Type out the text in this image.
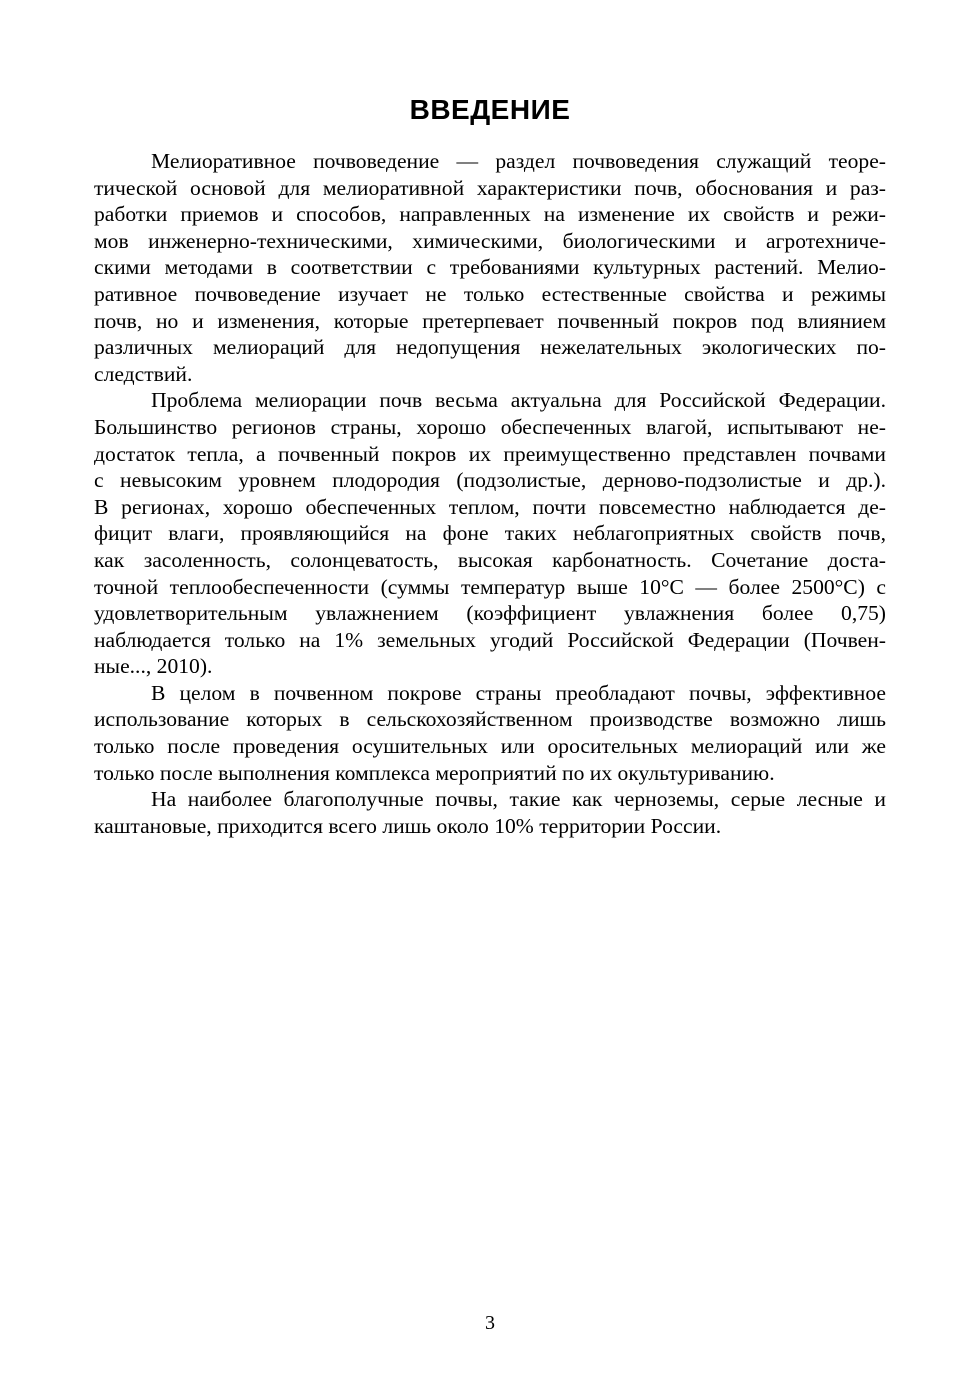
ВВЕДЕНИЕ

Мелиоративное почвоведение — раздел почвоведения служащий теоре-
тической основой для мелиоративной характеристики почв, обоснования и раз-
работки приемов и способов, направленных на изменение их свойств и режи-
мов инженерно-техническими, химическими, биологическими и агротехниче-
скими методами в соответствии с требованиями культурных растений. Мелио-
ративное почвоведение изучает не только естественные свойства и режимы
почв, но и изменения, которые претерпевает почвенный покров под влиянием
различных мелиораций для недопущения нежелательных экологических по-
следствий.

Проблема мелиорации почв весьма актуальна для Российской Федерации.
Большинство регионов страны, хорошо обеспеченных влагой, испытывают не-
достаток тепла, а почвенный покров их преимущественно представлен почвами
с невысоким уровнем плодородия (подзолистые, дерново-подзолистые и др.).
В регионах, хорошо обеспеченных теплом, почти повсеместно наблюдается де-
фицит влаги, проявляющийся на фоне таких неблагоприятных свойств почв,
как засоленность, солонцеватость, высокая карбонатность. Сочетание доста-
точной теплообеспеченности (суммы температур выше 10°С — более 2500°С) с
удовлетворительным увлажнением (коэффициент увлажнения более 0,75)
наблюдается только на 1% земельных угодий Российской Федерации (Почвен-
ные..., 2010).

В целом в почвенном покрове страны преобладают почвы, эффективное
использование которых в сельскохозяйственном производстве возможно лишь
только после проведения осушительных или оросительных мелиораций или же
только после выполнения комплекса мероприятий по их окультуриванию.

На наиболее благополучные почвы, такие как черноземы, серые лесные и
каштановые, приходится всего лишь около 10% территории России.

3
